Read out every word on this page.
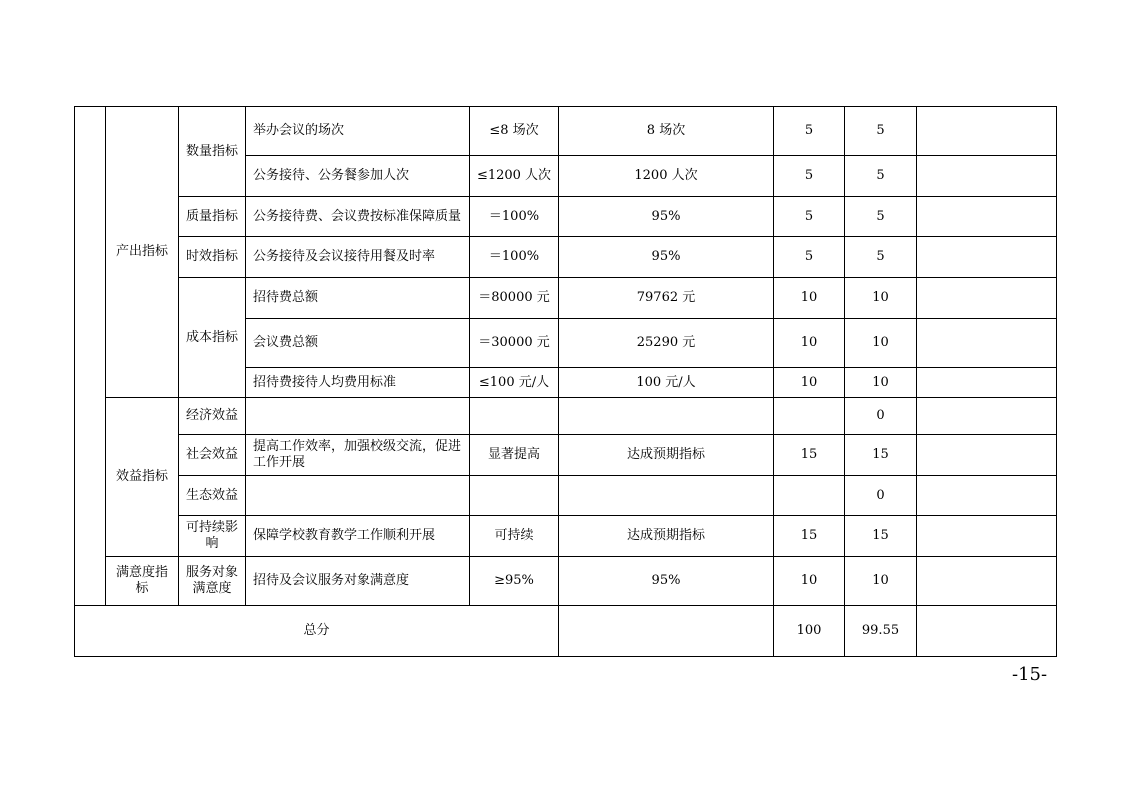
	产出指标	数量指标	举办会议的场次	≤8 场次	8 场次	5	5	
			公务接待、公务餐参加人次	≤1200 人次	1200 人次	5	5	
		质量指标	公务接待费、会议费按标准保障质量	＝100%	95%	5	5	
		时效指标	公务接待及会议接待用餐及时率	＝100%	95%	5	5	
		成本指标	招待费总额	＝80000 元	79762 元	10	10	
			会议费总额	＝30000 元	25290 元	10	10	
			招待费接待人均费用标准	≤100 元/人	100 元/人	10	10	
	效益指标	经济效益					0	
		社会效益	提高工作效率，加强校级交流，促进工作开展	显著提高	达成预期指标	15	15	
		生态效益					0	
		可持续影响	保障学校教育教学工作顺利开展	可持续	达成预期指标	15	15	
	满意度指标	服务对象满意度	招待及会议服务对象满意度	≥95%	95%	10	10	
总分						100	99.55	
-15-
